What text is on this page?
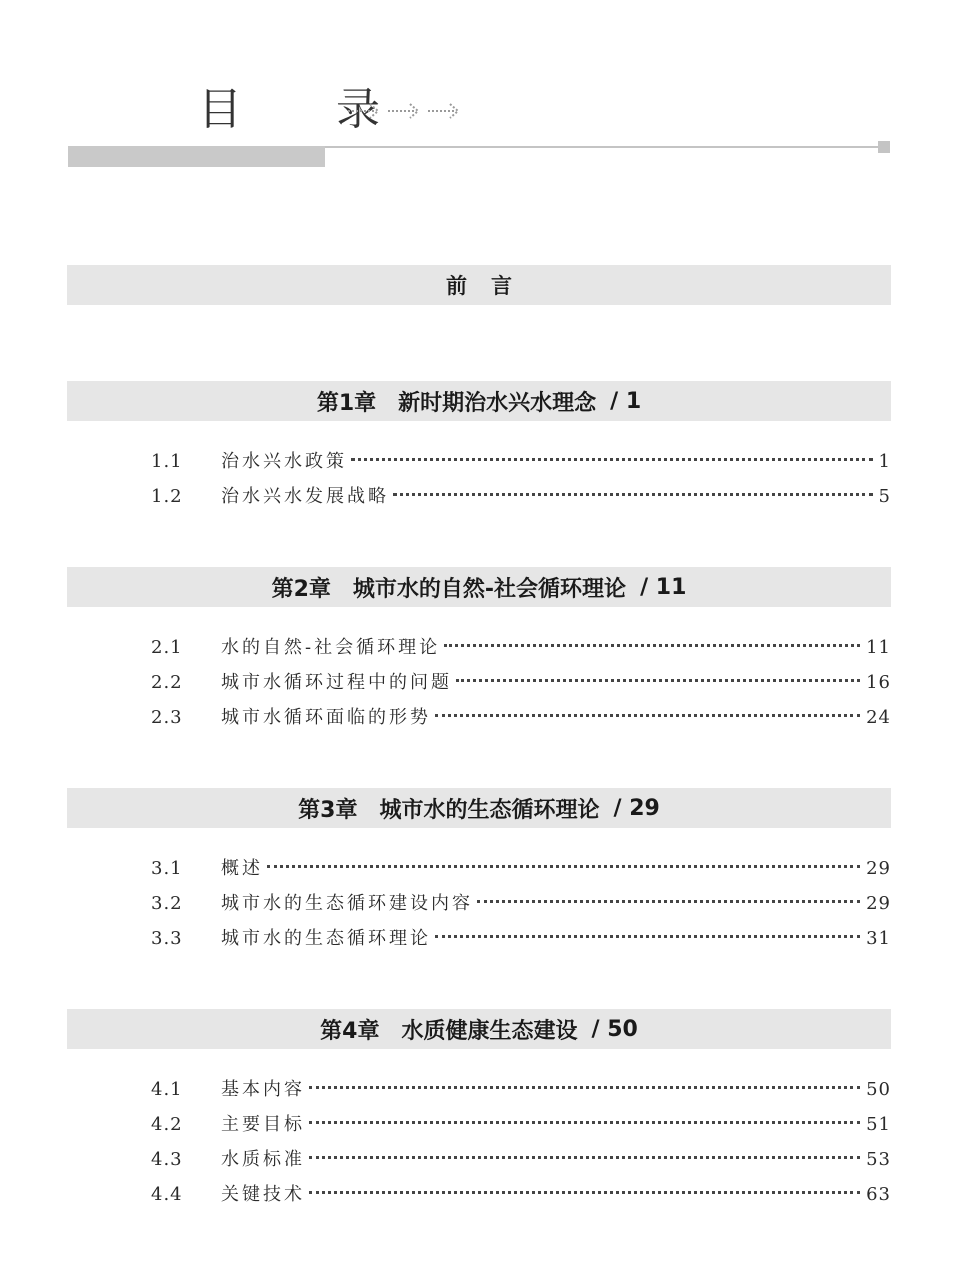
目 录
前言
第1章 新时期治水兴水理念 / 1
1.1	治水兴水政策	1
1.2	治水兴水发展战略	5
第2章 城市水的自然-社会循环理论 / 11
2.1	水的自然-社会循环理论	11
2.2	城市水循环过程中的问题	16
2.3	城市水循环面临的形势	24
第3章 城市水的生态循环理论 / 29
3.1	概述	29
3.2	城市水的生态循环建设内容	29
3.3	城市水的生态循环理论	31
第4章 水质健康生态建设 / 50
4.1	基本内容	50
4.2	主要目标	51
4.3	水质标准	53
4.4	关键技术	63
